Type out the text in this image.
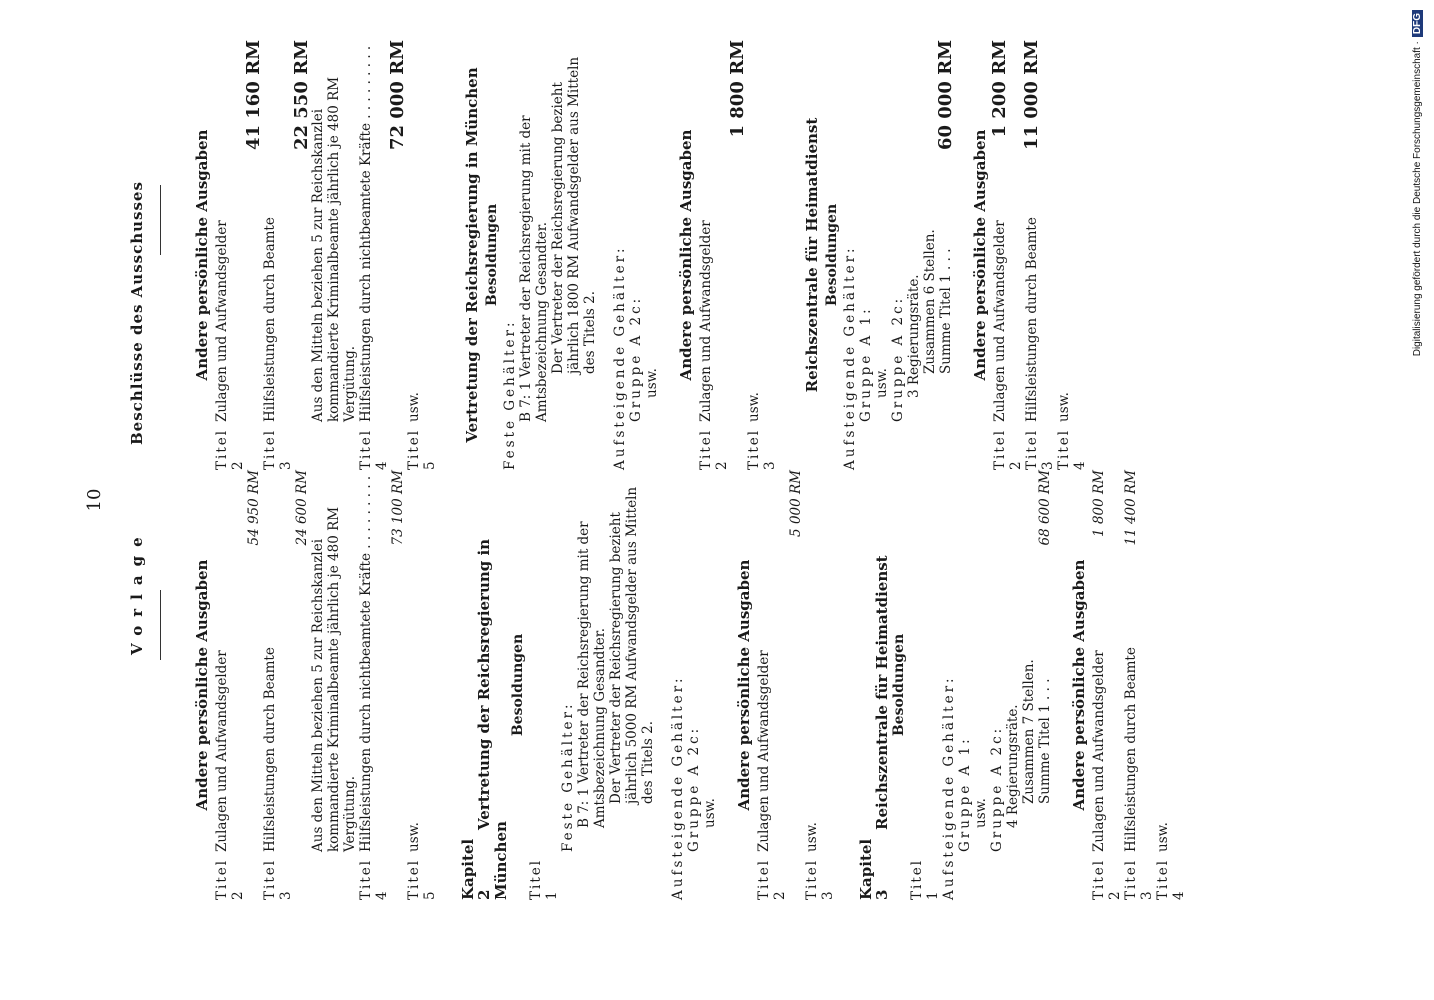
10
Vorlage
Beschlüsse des Ausschusses
Andere persönliche Ausgaben
Titel 2
Zulagen und Aufwandsgelder
54 950 RM
Titel 3
Hilfsleistungen durch Beamte
24 600 RM
Aus den Mitteln beziehen 5 zur Reichskanzlei kommandierte Kriminalbeamte jährlich je 480 RM Vergütung.
Titel 4
Hilfsleistungen durch nichtbeamtete Kräfte . . . . . . . . .	73 100 RM
Titel 5
usw.
Kapitel 2Vertretung der Reichsregierung in München
Besoldungen
Titel 1
Feste Gehälter: B 7: 1 Vertreter der Reichsregierung mit der Amtsbezeichnung Gesandter. Der Vertreter der Reichsregierung bezieht jährlich 5000 RM Aufwandsgelder aus Mitteln des Titels 2. Aufsteigende Gehälter: Gruppe A 2c: usw.
Andere persönliche Ausgaben
Titel 2
Zulagen und Aufwandsgelder
5 000 RM
Titel 3
usw.
Kapitel 3Reichszentrale für Heimatdienst Besoldungen
Titel 1 Aufsteigende Gehälter: Gruppe A 1: usw. Gruppe A 2c: 4 Regierungsräte. Zusammen 7 Stellen. Summe Titel 1 . . .
68 600 RM
Andere persönliche Ausgaben
Titel 2
Zulagen und Aufwandsgelder
1 800 RM
Titel 3
Hilfsleistungen durch Beamte
11 400 RM
Titel 4
usw.
Andere persönliche Ausgaben
Titel 2
Zulagen und Aufwandsgelder
41 160 RM
Titel 3
Hilfsleistungen durch Beamte
22 550 RM
Aus den Mitteln beziehen 5 zur Reichskanzlei kommandierte Kriminalbeamte jährlich je 480 RM Vergütung.
Titel 4
Hilfsleistungen durch nichtbeamtete Kräfte . . . . . . . . . 72 000 RM
Titel 5
usw.	Vertretung der Reichsregierung in München Besoldungen
Feste Gehälter: B 7: 1 Vertreter der Reichsregierung mit der Amtsbezeichnung Gesandter. Der Vertreter der Reichsregierung bezieht jährlich 1800 RM Aufwandsgelder aus Mitteln des Titels 2. Aufsteigende Gehälter: Gruppe A 2c: usw.
Andere persönliche Ausgaben
Titel 2
Zulagen und Aufwandsgelder
1 800 RM
Titel 3
usw.
Reichszentrale für Heimatdienst Besoldungen Aufsteigende Gehälter: Gruppe A 1: usw. Gruppe A 2c: 3 Regierungsräte. Zusammen 6 Stellen. Summe Titel 1 . . .
60 000 RM
Andere persönliche Ausgaben
Titel 2
Zulagen und Aufwandsgelder
1 200 RM
Titel 3
Hilfsleistungen durch Beamte
11 000 RM
Titel 4
usw.
Digitalisierung gefördert durch die Deutsche Forschungsgemeinschaft ·DFG
